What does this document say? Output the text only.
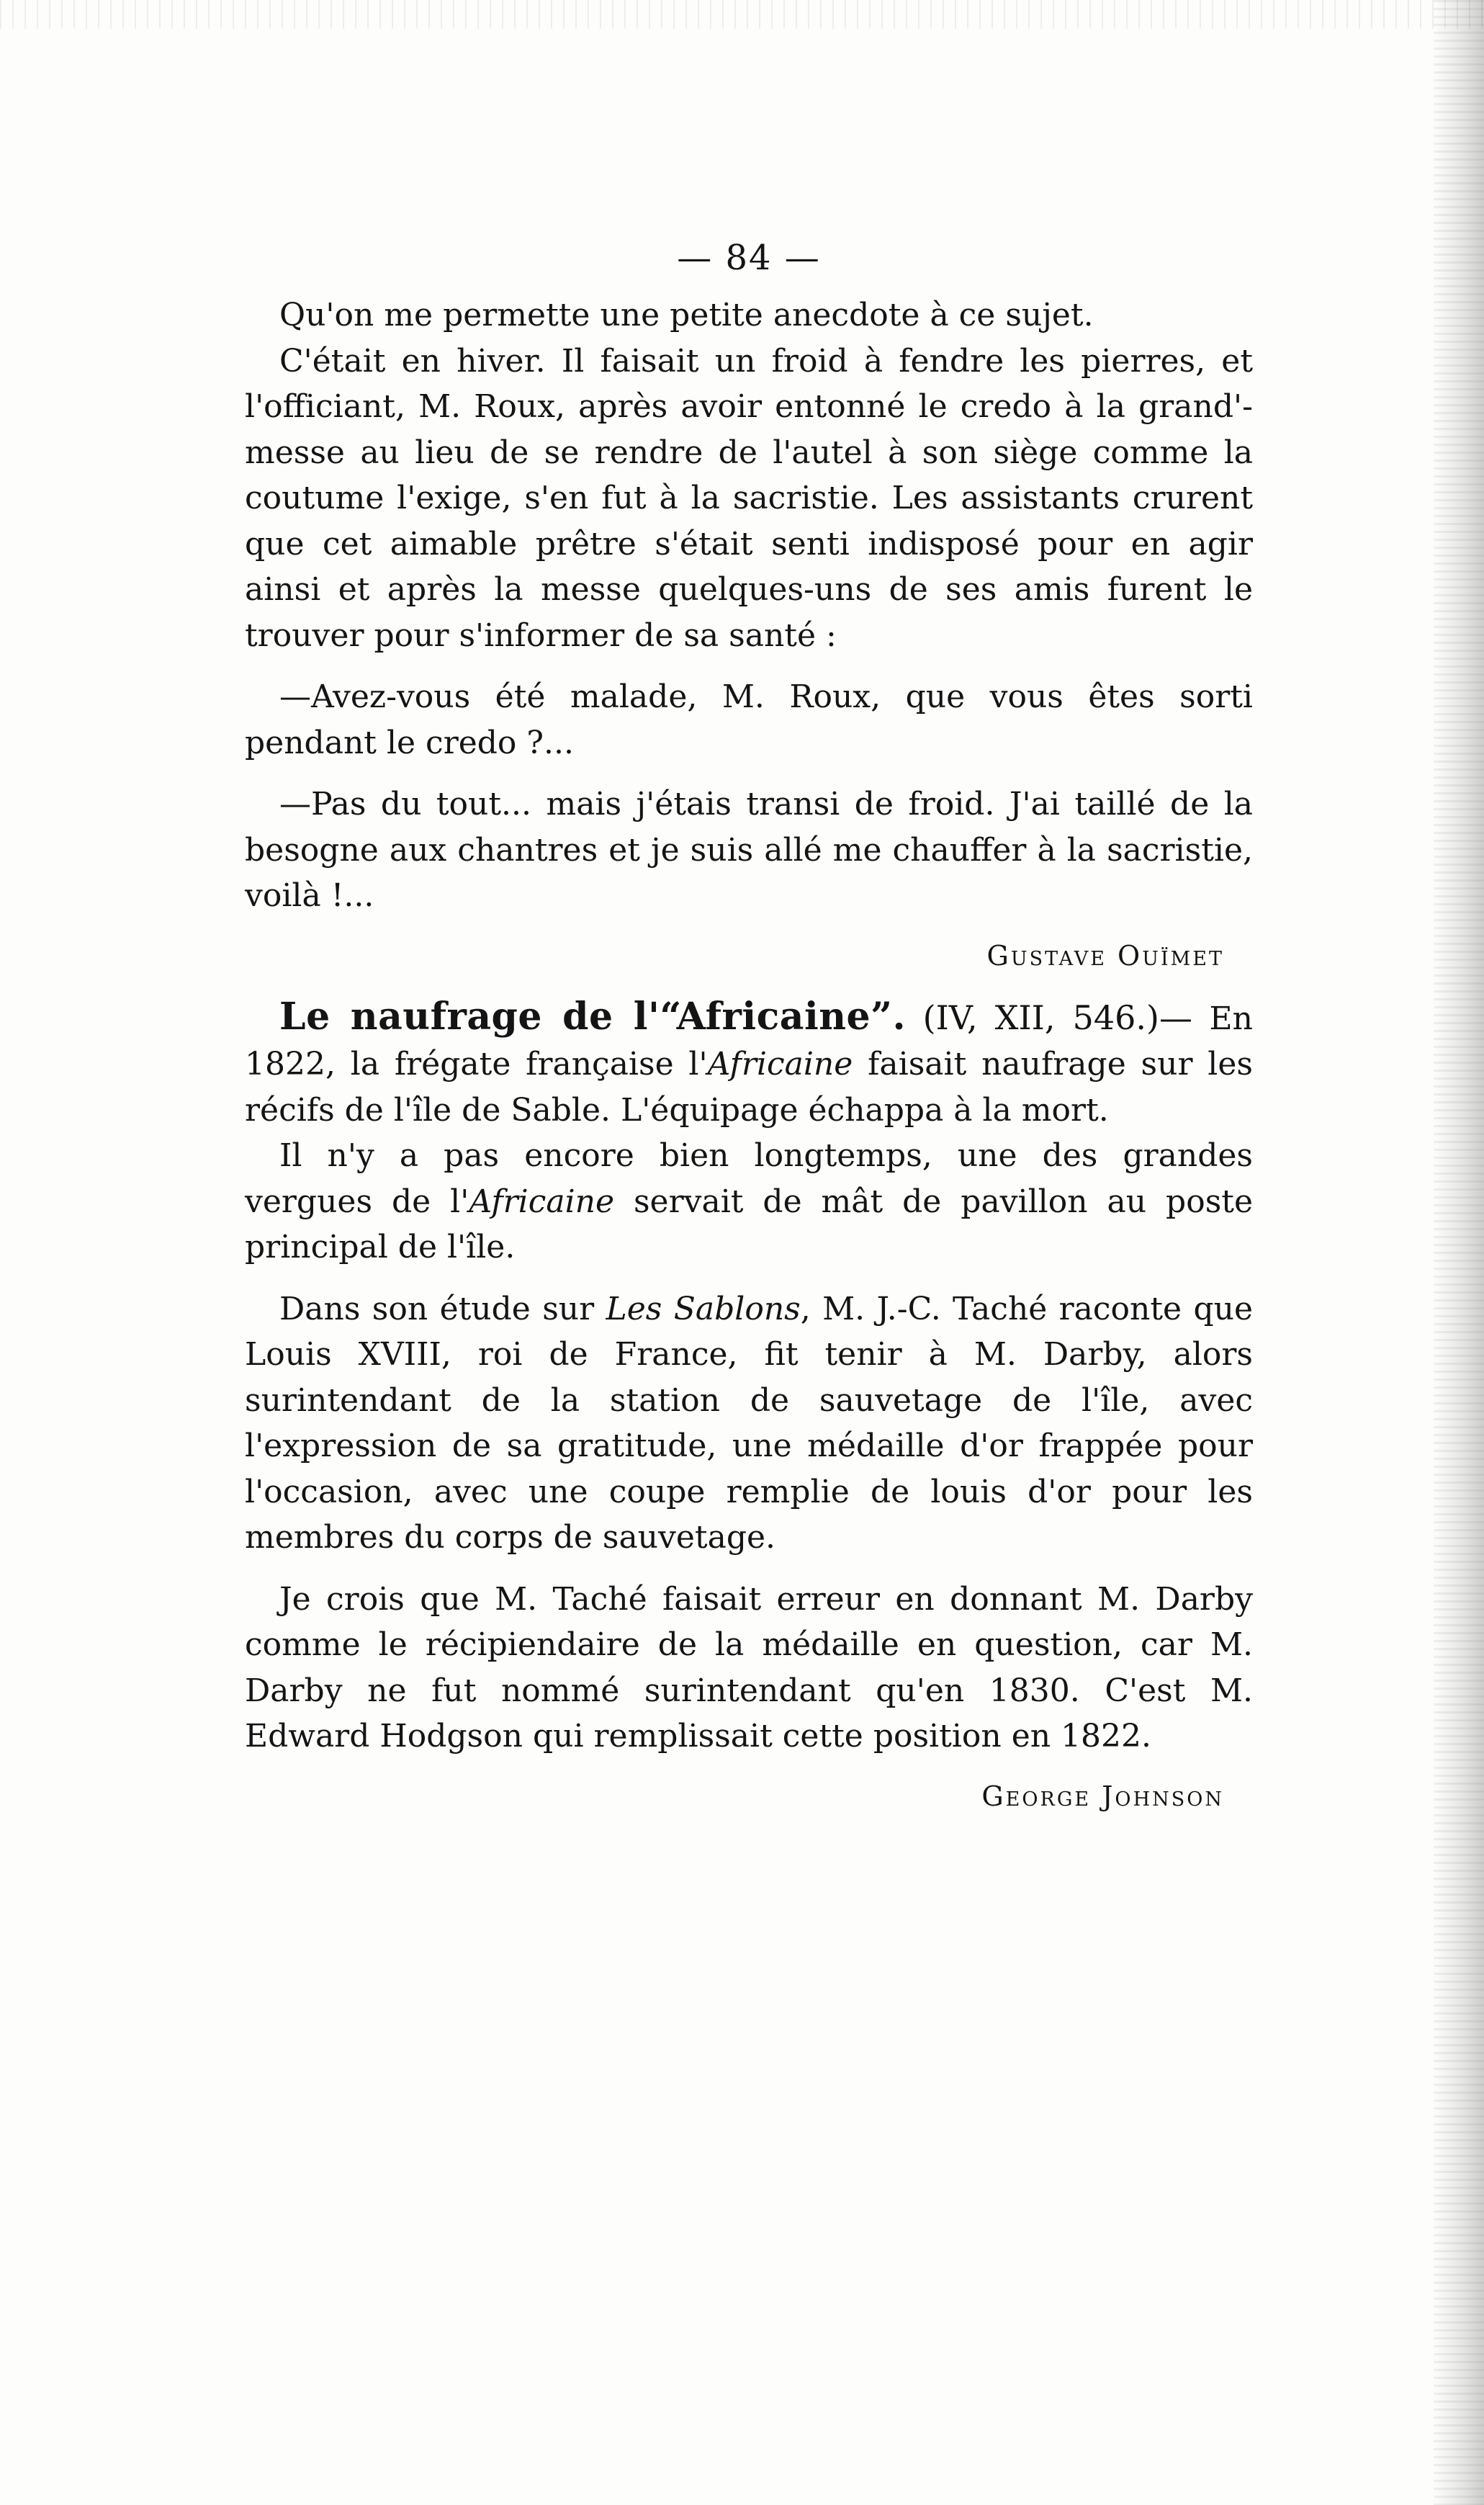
— 84 —

Qu'on me permette une petite anecdote à ce sujet.

C'était en hiver. Il faisait un froid à fendre les pierres, et l'officiant, M. Roux, après avoir entonné le credo à la grand'-messe au lieu de se rendre de l'autel à son siège comme la coutume l'exige, s'en fut à la sacristie. Les assistants crurent que cet aimable prêtre s'était senti indisposé pour en agir ainsi et après la messe quelques-uns de ses amis furent le trouver pour s'informer de sa santé :

—Avez-vous été malade, M. Roux, que vous êtes sorti pendant le credo ?...

—Pas du tout... mais j'étais transi de froid. J'ai taillé de la besogne aux chantres et je suis allé me chauffer à la sacristie, voilà !...

Gustave Ouïmet

Le naufrage de l'“Africaine”. (IV, XII, 546.)— En 1822, la frégate française l'Africaine faisait naufrage sur les récifs de l'île de Sable. L'équipage échappa à la mort.

Il n'y a pas encore bien longtemps, une des grandes vergues de l'Africaine servait de mât de pavillon au poste principal de l'île.

Dans son étude sur Les Sablons, M. J.-C. Taché raconte que Louis XVIII, roi de France, fit tenir à M. Darby, alors surintendant de la station de sauvetage de l'île, avec l'expression de sa gratitude, une médaille d'or frappée pour l'occasion, avec une coupe remplie de louis d'or pour les membres du corps de sauvetage.

Je crois que M. Taché faisait erreur en donnant M. Darby comme le récipiendaire de la médaille en question, car M. Darby ne fut nommé surintendant qu'en 1830. C'est M. Edward Hodgson qui remplissait cette position en 1822.

George Johnson
